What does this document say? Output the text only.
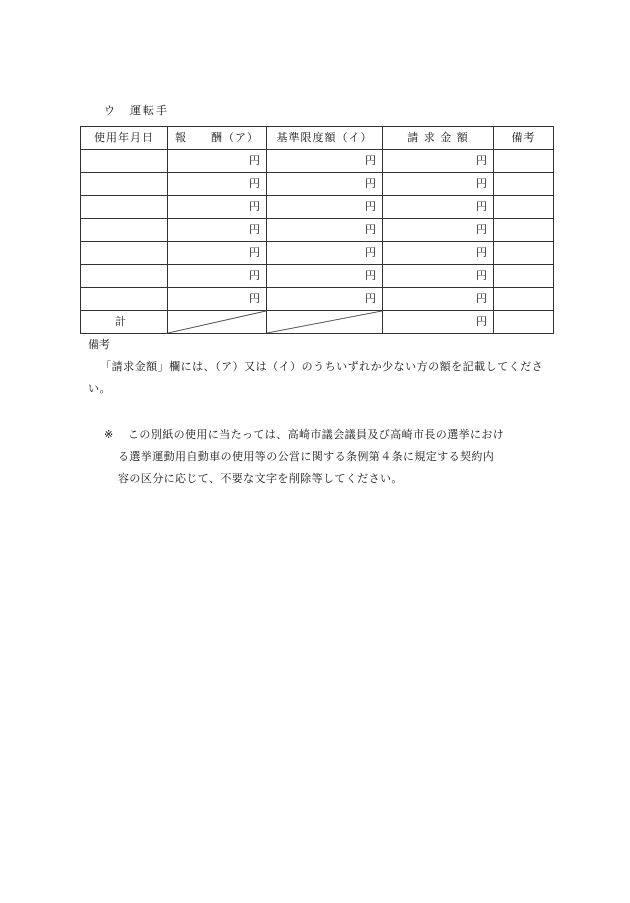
ウ　運転手
使用年月日	報　　酬（ア）	基準限度額（イ）	請 求 金 額	備考
	円	円	円	
	円	円	円	
	円	円	円	
	円	円	円	
	円	円	円	
	円	円	円	
	円	円	円	
計			円	
備考
「請求金額」欄には、（ア）又は（イ）のうちいずれか少ない方の額を記載してください。
※ この別紙の使用に当たっては、高崎市議会議員及び高崎市長の選挙におけ
る選挙運動用自動車の使用等の公営に関する条例第４条に規定する契約内
容の区分に応じて、不要な文字を削除等してください。
